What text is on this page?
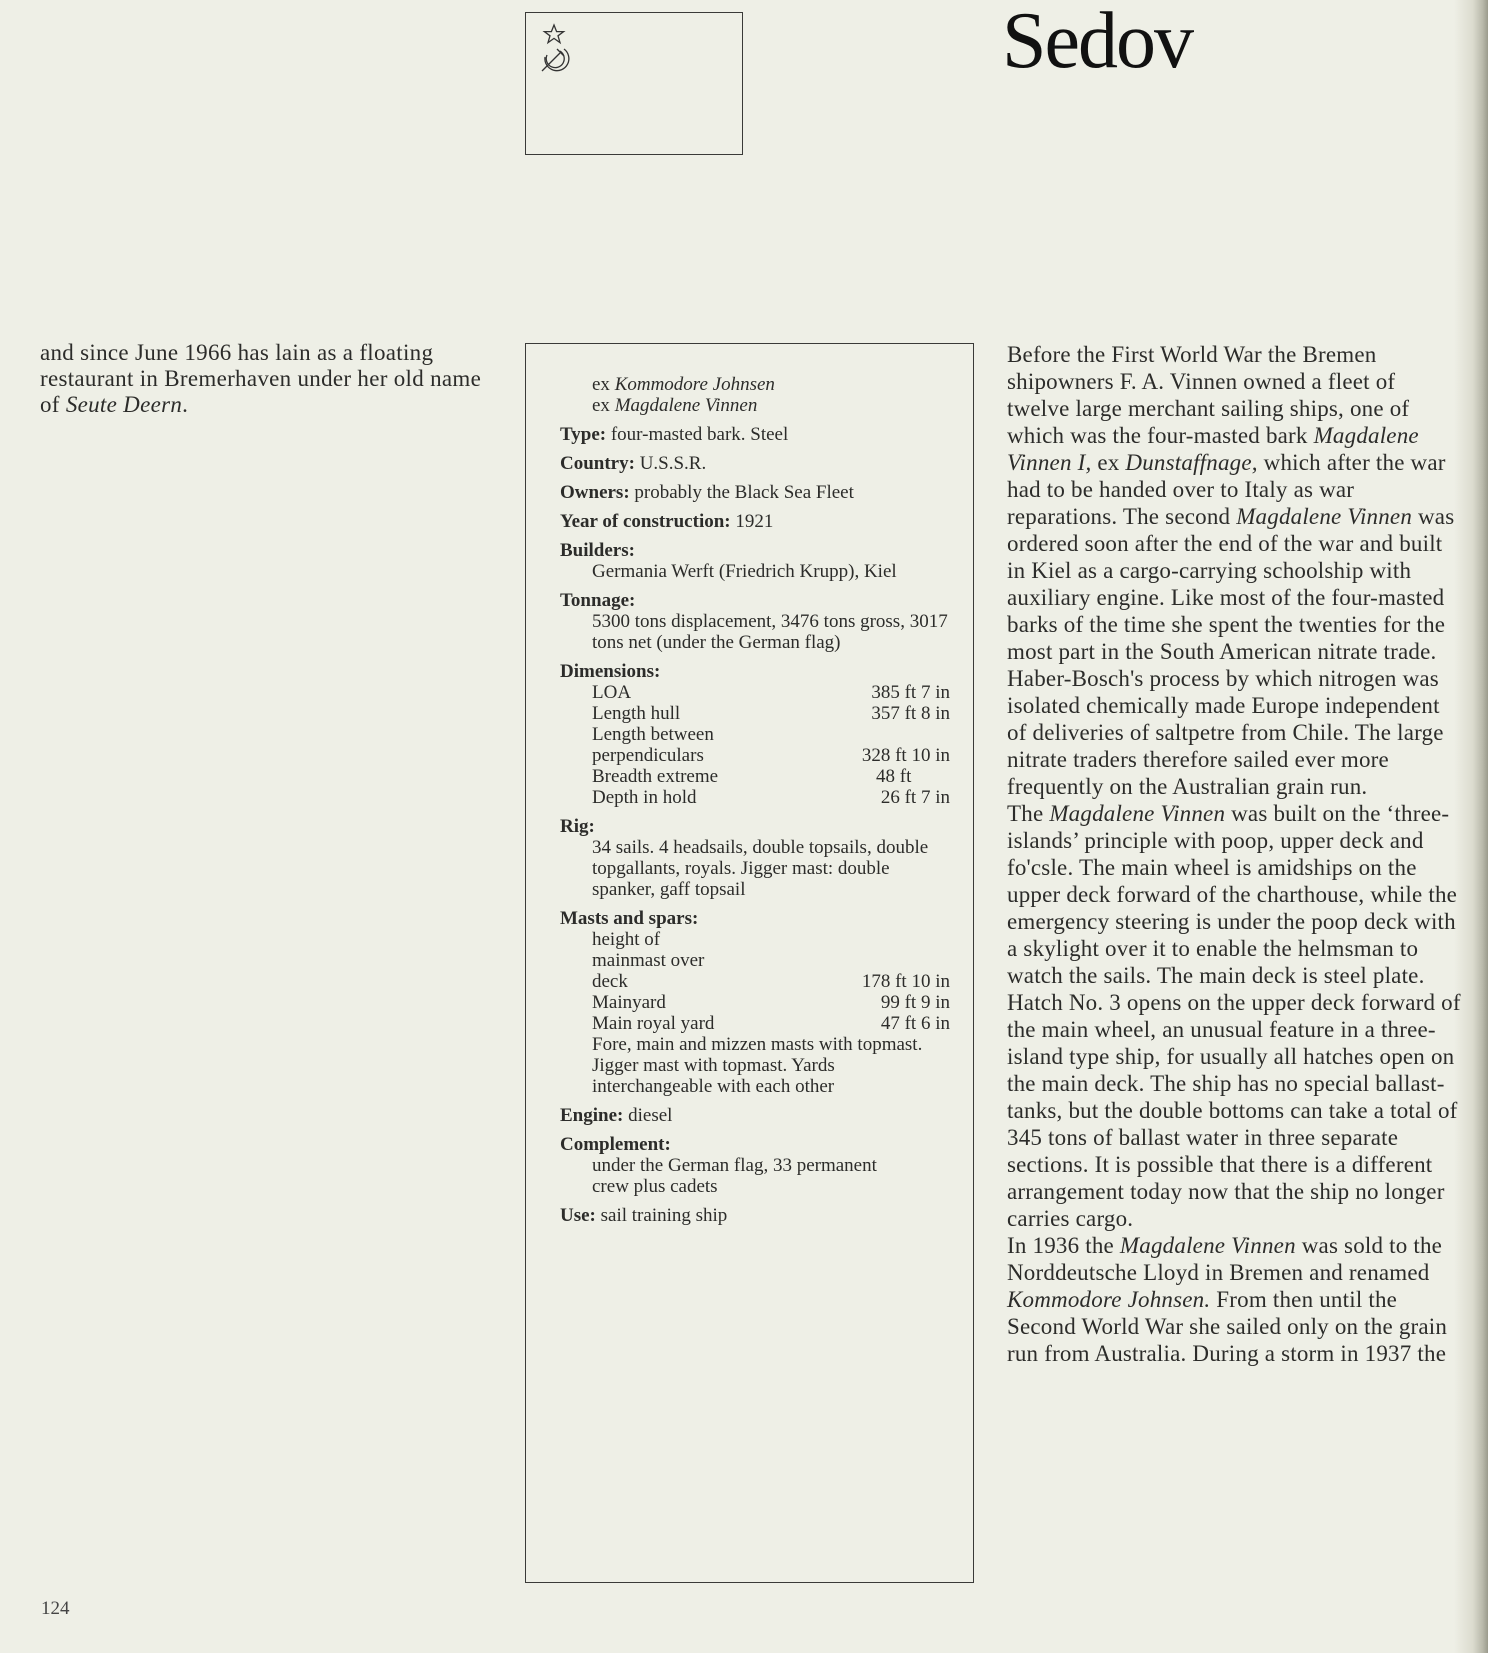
Sedov

and since June 1966 has lain as a floating restaurant in Bremerhaven under her old name of Seute Deern.

ex Kommodore Johnsen
ex Magdalene Vinnen
Type: four-masted bark. Steel
Country: U.S.S.R.
Owners: probably the Black Sea Fleet
Year of construction: 1921
Builders:
Germania Werft (Friedrich Krupp), Kiel
Tonnage:
5300 tons displacement, 3476 tons gross, 3017 tons net (under the German flag)
Dimensions:
LOA	385 ft 7 in
Length hull	357 ft 8 in
Length between perpendiculars	328 ft 10 in
Breadth extreme	48 ft
Depth in hold	26 ft 7 in
Rig:
34 sails. 4 headsails, double topsails, double topgallants, royals. Jigger mast: double spanker, gaff topsail
Masts and spars:
height of mainmast over deck	178 ft 10 in
Mainyard	99 ft 9 in
Main royal yard	47 ft 6 in
Fore, main and mizzen masts with topmast. Jigger mast with topmast. Yards interchangeable with each other
Engine: diesel
Complement:
under the German flag, 33 permanent crew plus cadets
Use: sail training ship

Before the First World War the Bremen shipowners F. A. Vinnen owned a fleet of twelve large merchant sailing ships, one of which was the four-masted bark Magdalene Vinnen I, ex Dunstaffnage, which after the war had to be handed over to Italy as war reparations. The second Magdalene Vinnen was ordered soon after the end of the war and built in Kiel as a cargo-carrying schoolship with auxiliary engine. Like most of the four-masted barks of the time she spent the twenties for the most part in the South American nitrate trade. Haber-Bosch's process by which nitrogen was isolated chemically made Europe independent of deliveries of saltpetre from Chile. The large nitrate traders therefore sailed ever more frequently on the Australian grain run.

The Magdalene Vinnen was built on the ‘three-islands’ principle with poop, upper deck and fo'csle. The main wheel is amidships on the upper deck forward of the charthouse, while the emergency steering is under the poop deck with a skylight over it to enable the helmsman to watch the sails. The main deck is steel plate. Hatch No. 3 opens on the upper deck forward of the main wheel, an unusual feature in a three-island type ship, for usually all hatches open on the main deck. The ship has no special ballast-tanks, but the double bottoms can take a total of 345 tons of ballast water in three separate sections. It is possible that there is a different arrangement today now that the ship no longer carries cargo.

In 1936 the Magdalene Vinnen was sold to the Norddeutsche Lloyd in Bremen and renamed Kommodore Johnsen. From then until the Second World War she sailed only on the grain run from Australia. During a storm in 1937 the

124
